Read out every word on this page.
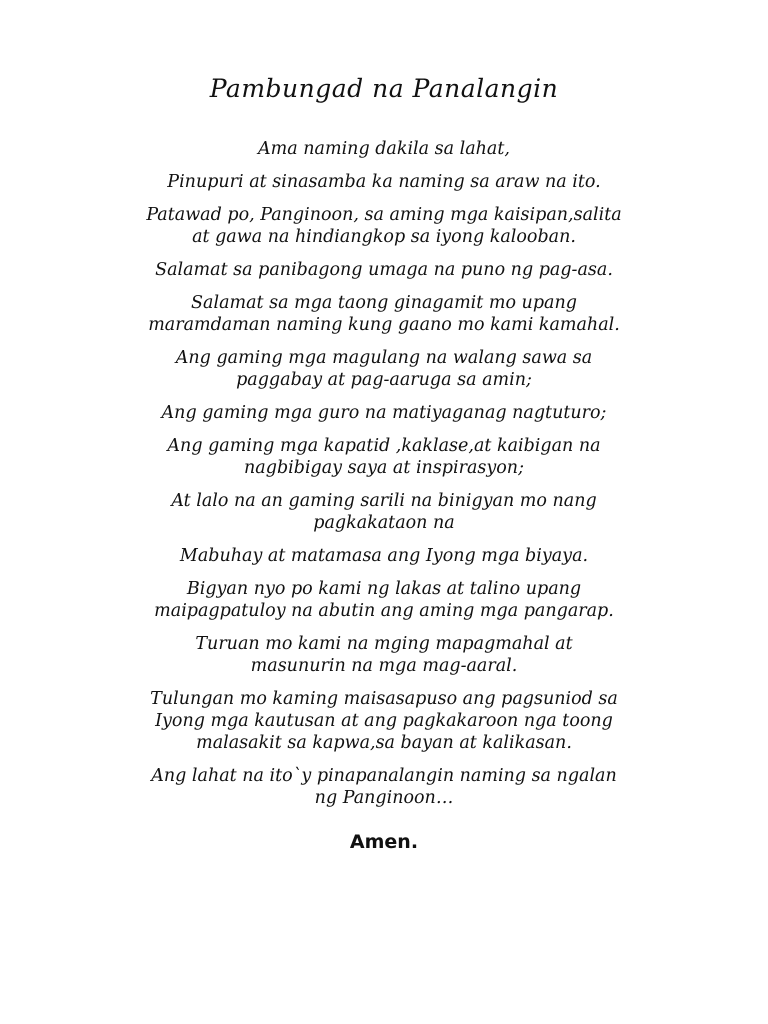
Pambungad na Panalangin
Ama naming dakila sa lahat,
Pinupuri at sinasamba ka naming sa araw na ito.
Patawad po, Panginoon, sa aming mga kaisipan,salita
at gawa na hindiangkop sa iyong kalooban.
Salamat sa panibagong umaga na puno ng pag-asa.
Salamat sa mga taong ginagamit mo upang
maramdaman naming kung gaano mo kami kamahal.
Ang gaming mga magulang na walang sawa sa
paggabay at pag-aaruga sa amin;
Ang gaming mga guro na matiyaganag nagtuturo;
Ang gaming mga kapatid ,kaklase,at kaibigan na
nagbibigay saya at inspirasyon;
At lalo na an gaming sarili na binigyan mo nang
pagkakataon na
Mabuhay at matamasa ang Iyong mga biyaya.
Bigyan nyo po kami ng lakas at talino upang
maipagpatuloy na abutin ang aming mga pangarap.
Turuan mo kami na mging mapagmahal at
masunurin na mga mag-aaral.
Tulungan mo kaming maisasapuso ang pagsuniod sa
Iyong mga kautusan at ang pagkakaroon nga toong
malasakit sa kapwa,sa bayan at kalikasan.
Ang lahat na ito`y pinapanalangin naming sa ngalan
ng Panginoon…
Amen.
